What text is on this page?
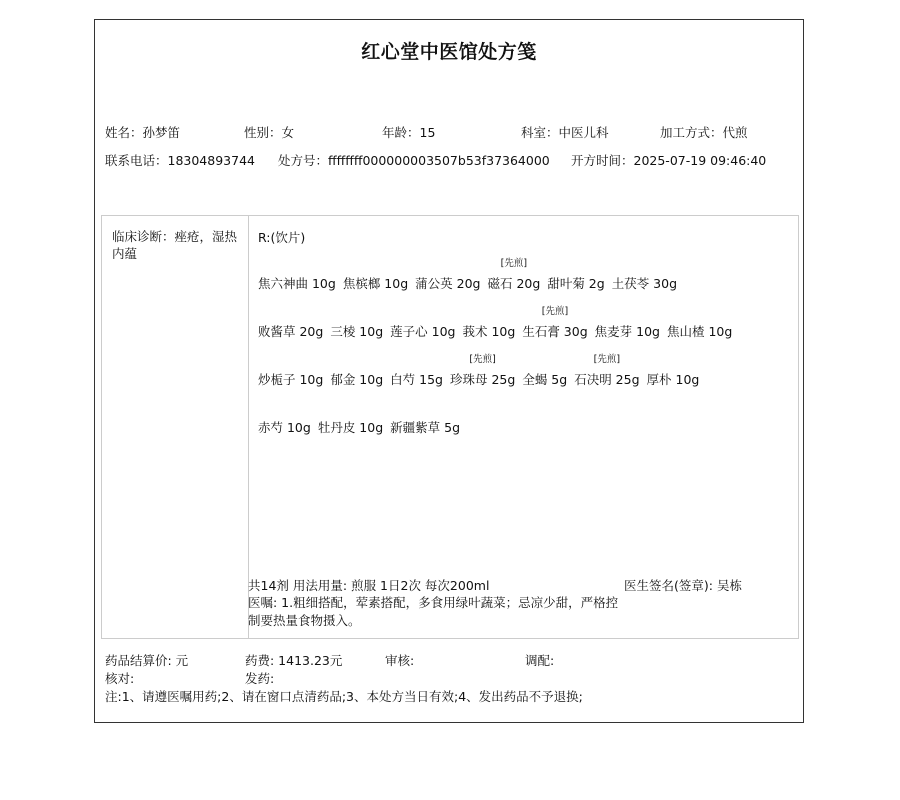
红心堂中医馆处方笺
姓名：孙梦笛	性别：女	年龄：15	科室：中医儿科	加工方式：代煎
联系电话：18304893744 处方号：ffffffff000000003507b53f37364000 开方时间：2025-07-19 09:46:40
临床诊断：痤疮，湿热内蕴
R:(饮片)
焦六神曲 10g 焦槟榔 10g 蒲公英 20g 磁石 20g
[先煎]
甜叶菊 2g 土茯苓 30g
败酱草 20g 三棱 10g 莲子心 10g 莪术 10g 生石膏 30g
[先煎]
焦麦芽 10g 焦山楂 10g
炒栀子 10g 郁金 10g 白芍 15g 珍珠母 25g
[先煎]
全蝎 5g 石决明 25g
[先煎]
厚朴 10g
赤芍 10g 牡丹皮 10g 新疆紫草 5g
共14剂 用法用量: 煎服 1日2次 每次200ml	医生签名(签章): 吴栋
医嘱: 1.粗细搭配，荤素搭配，多食用绿叶蔬菜；忌凉少甜，严格控制要热量食物摄入。
药品结算价: 元	药费: 1413.23元	审核:	调配:
核对:	发药:
注:1、请遵医嘱用药;2、请在窗口点清药品;3、本处方当日有效;4、发出药品不予退换;
